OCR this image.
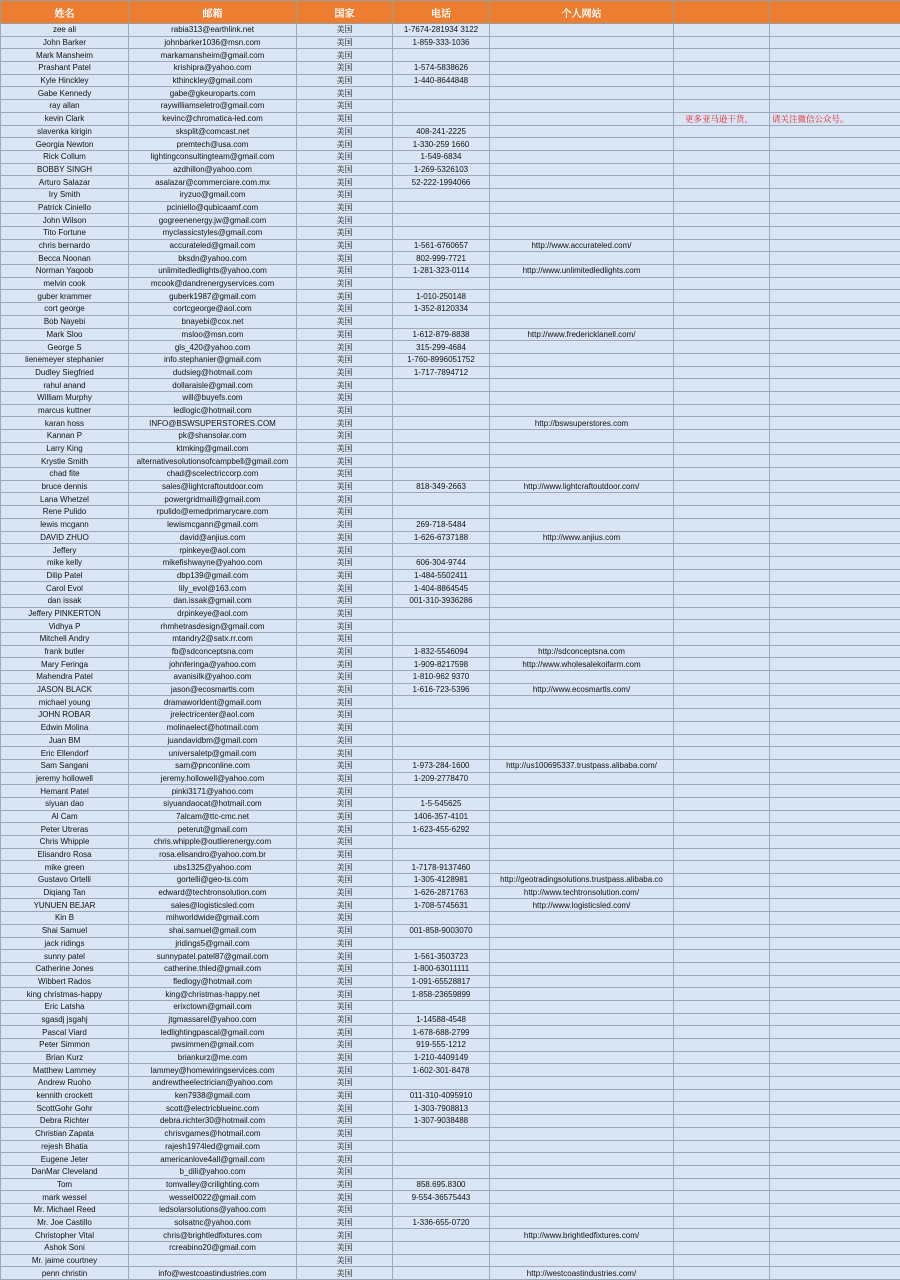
姓名	邮箱	国家	电话	个人网站		
zee ali	rabia313@earthlink.net	美国	1-7674-281934 3122			
John Barker	johnbarker1036@msn.com	美国	1-859-333-1036			
Mark Mansheim	markamansheim@gmail.com	美国				
Prashant Patel	krishipra@yahoo.com	美国	1-574-5838626			
Kyle Hinckley	kthinckley@gmail.com	美国	1-440-8644848			
Gabe Kennedy	gabe@gkeuroparts.com	美国				
ray allan	raywilliamseletro@gmail.com	美国				
kevin Clark	kevinc@chromatica-led.com	美国				
slavenka kirigin	sksplit@comcast.net	美国	408-241-2225			
Georgia Newton	premtech@usa.com	美国	1-330-259 1660			
Rick Collum	lightingconsultingteam@gmail.com	美国	1-549-6834			
BOBBY SINGH	azdhillon@yahoo.com	美国	1-269-5326103			
Arturo Salazar	asalazar@commerciare.com.mx	美国	52-222-1994066			
Iry Smith	iryzuo@gmail.com	美国				
Patrick Ciniello	pciniello@qubicaamf.com	美国				
John Wilson	gogreenenergy.jw@gmail.com	美国				
Tito Fortune	myclassicstyles@gmail.com	美国				
chris bernardo	accurateled@gmail.com	美国	1-561-6760657	http://www.accurateled.com/		
Becca Noonan	bksdn@yahoo.com	美国	802-999-7721			
Norman Yaqoob	unlimitedledlights@yahoo.com	美国	1-281-323-0114	http://www.unlimitedledlights.com		
melvin cook	mcook@dandrenergyservices.com	美国				
guber krammer	guberk1987@gmail.com	美国	1-010-250148			
cort george	cortcgeorge@aol.com	美国	1-352-8120334			
Bob Nayebi	bnayebi@cox.net	美国				
Mark Sloo	msloo@msn.com	美国	1-612-879-8838	http://www.fredericklanell.com/		
George S	gls_420@yahoo.com	美国	315-299-4684			
lienemeyer stephanier	info.stephanier@gmail.com	美国	1-760-8996051752			
Dudley Siegfried	dudsieg@hotmail.com	美国	1-717-7894712			
rahul anand	dollaraisle@gmail.com	美国				
William Murphy	will@buyefs.com	美国				
marcus kuttner	ledlogic@hotmail.com	美国				
karan hoss	INFO@BSWSUPERSTORES.COM	美国		http://bswsuperstores.com		
Kannan P	pk@shansolar.com	美国				
Larry King	ktmking@gmail.com	美国				
Krystle Smith	alternativesolutionsofcampbell@gmail.com	美国				
chad fite	chad@scelectriccorp.com	美国				
bruce dennis	sales@lightcraftoutdoor.com	美国	818-349-2663	http://www.lightcraftoutdoor.com/		
Lana Whetzel	powergridmaill@gmail.com	美国				
Rene Pulido	rpulido@emedprimarycare.com	美国				
lewis mcgann	lewismcgann@gmail.com	美国	269-718-5484			
DAVID ZHUO	david@anjius.com	美国	1-626-6737188	http://www.anjius.com		
Jeffery	rpinkeye@aol.com	美国				
mike kelly	mikefishwayne@yahoo.com	美国	606-304-9744			
Dilip Patel	dbp139@gmail.com	美国	1-484-5502411			
Carol Evol	lily_evol@163.com	美国	1-404-8864545			
dan issak	dan.issak@gmail.com	美国	001-310-3936286			
Jeffery PINKERTON	drpinkeye@aol.com	美国				
Vidhya P	rhmhetrasdesign@gmail.com	美国				
Mitchell Andry	mtandry2@satx.rr.com	美国				
frank butler	fb@sdconceptsna.com	美国	1-832-5546094	http://sdconceptsna.com		
Mary Feringa	johnferinga@yahoo.com	美国	1-909-8217598	http://www.wholesalekoifarm.com		
Mahendra Patel	avanisilk@yahoo.com	美国	1-810-962 9370			
JASON BLACK	jason@ecosmartls.com	美国	1-616-723-5396	http://www.ecosmartls.com/		
michael young	dramaworldent@gmail.com	美国				
JOHN ROBAR	jrelectricenter@aol.com	美国				
Edwin Molina	molinaelect@hotmail.com	美国				
Juan BM	juandavidbm@gmail.com	美国				
Eric Ellendorf	universaletp@gmail.com	美国				
Sam Sangani	sam@pnconline.com	美国	1-973-284-1600	http://us100695337.trustpass.alibaba.com/		
jeremy hollowell	jeremy.hollowell@yahoo.com	美国	1-209-2778470			
Hemant Patel	pinki3171@yahoo.com	美国				
siyuan dao	siyuandaocat@hotmail.com	美国	1-5-545625			
Al Cam	7alcam@ttc-cmc.net	美国	1406-357-4101			
Peter Utreras	peterut@gmail.com	美国	1-623-455-6292			
Chris Whipple	chris.whipple@outlierenergy.com	美国				
Elisandro Rosa	rosa.elisandro@yahoo.com.br	美国				
mike green	ubs1325@yahoo.com	美国	1-7178-9137460			
Gustavo Ortelli	gortelli@geo-ts.com	美国	1-305-4128981	http://geotradingsolutions.trustpass.alibaba.co		
Diqiang Tan	edward@techtronsolution.com	美国	1-626-2871763	http://www.techtronsolution.com/		
YUNUEN BEJAR	sales@logisticsled.com	美国	1-708-5745631	http://www.logisticsled.com/		
Kin B	mihworldwide@gmail.com	美国				
Shai Samuel	shai.samuel@gmail.com	美国	001-858-9003070			
jack ridings	jridings5@gmail.com	美国				
sunny patel	sunnypatel.patel87@gmail.com	美国	1-561-3503723			
Catherine Jones	catherine.thled@gmail.com	美国	1-800-63011111			
Wibbert Rados	fledlogy@hotmail.com	美国	1-091-65528817			
king christmas-happy	king@christmas-happy.net	美国	1-858-23659899			
Eric Latsha	erixctown@gmail.com	美国				
sgasdj jsgahj	jtgmassarel@yahoo.com	美国	1-14588-4548			
Pascal Viard	ledlightingpascal@gmail.com	美国	1-678-688-2799			
Peter Simmon	pwsimmen@gmail.com	美国	919-555-1212			
Brian Kurz	briankurz@me.com	美国	1-210-4409149			
Matthew Lammey	lammey@homewiringservices.com	美国	1-602-301-8478			
Andrew Ruoho	andrewtheelectrician@yahoo.com	美国				
kennith crockett	ken7938@gmail.com	美国	011-310-4095910			
ScottGohr Gohr	scott@electricblueinc.com	美国	1-303-7908813			
Debra Richter	debra.richter30@hotmail.com	美国	1-307-9038488			
Christian Zapata	chrisvgames@hotmail.com	美国				
rejesh Bhatia	rajesh1974led@gmail.com	美国				
Eugene Jeter	americanlove4all@gmail.com	美国				
DanMar Cleveland	b_dili@yahoo.com	美国				
Tom	tomvalley@crilighting.com	美国	858.695.8300			
mark wessel	wessel0022@gmail.com	美国	9-554-36575443			
Mr. Michael Reed	ledsolarsolutions@yahoo.com	美国				
Mr. Joe Castillo	solsatnc@yahoo.com	美国	1-336-655-0720			
Christopher Vital	chris@brightledfixtures.com	美国		http://www.brightledfixtures.com/		
Ashok Soni	rcreabino20@gmail.com	美国				
Mr. jaime courtney		美国				
penn christin	info@westcoastindustries.com	美国		http://westcoastindustries.com/		
更多亚马逊干货， 请关注微信公众号。
